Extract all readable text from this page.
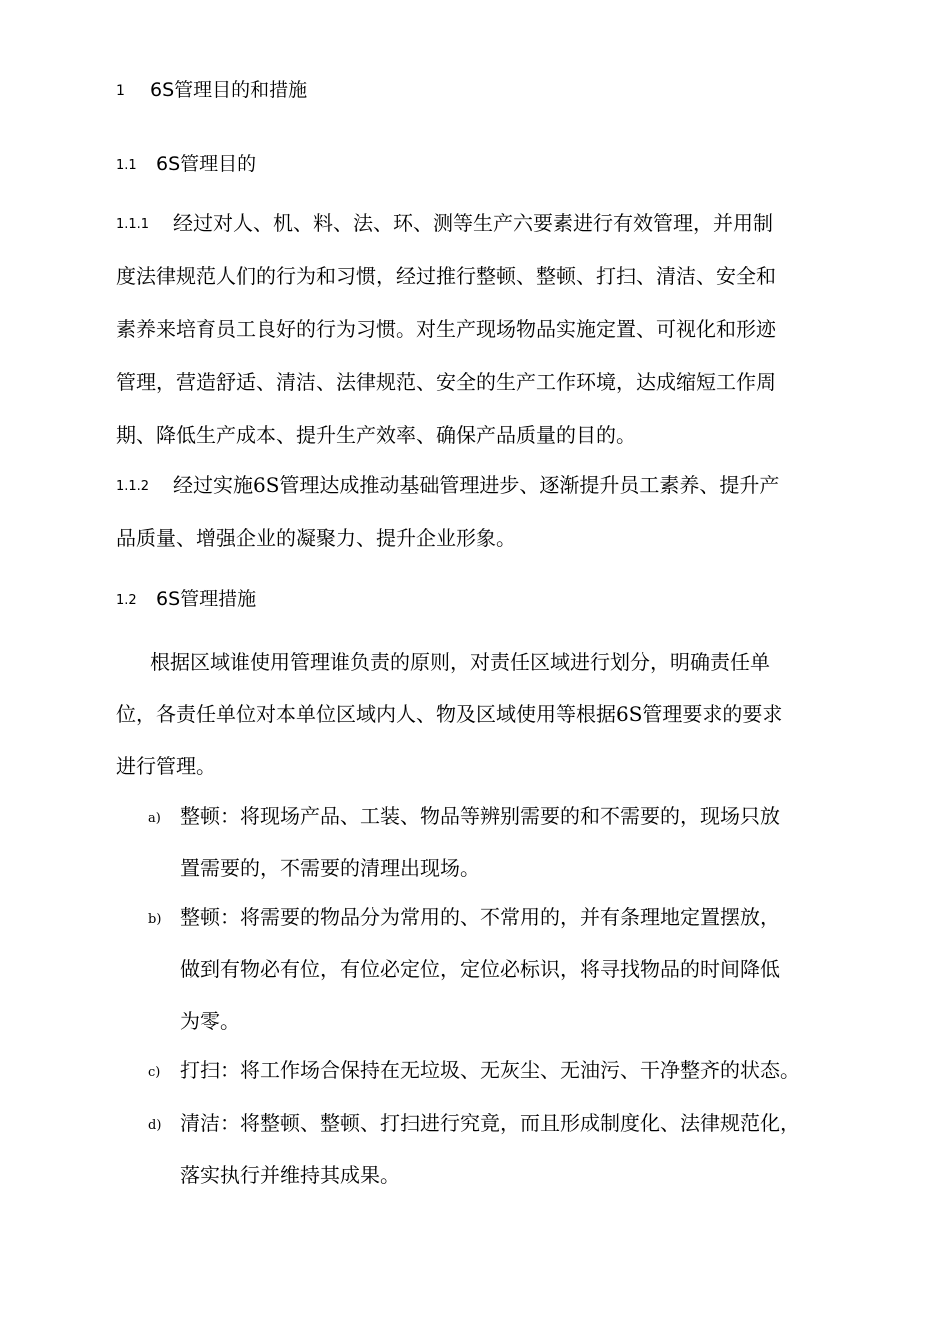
1 6S管理目的和措施
1.1 6S管理目的
1.1.1 经过对人、机、料、法、环、测等生产六要素进行有效管理，并用制
度法律规范人们的行为和习惯，经过推行整顿、整顿、打扫、清洁、安全和
素养来培育员工良好的行为习惯。对生产现场物品实施定置、可视化和形迹
管理，营造舒适、清洁、法律规范、安全的生产工作环境，达成缩短工作周
期、降低生产成本、提升生产效率、确保产品质量的目的。
1.1.2 经过实施6S管理达成推动基础管理进步、逐渐提升员工素养、提升产
品质量、增强企业的凝聚力、提升企业形象。
1.2 6S管理措施
根据区域谁使用管理谁负责的原则，对责任区域进行划分，明确责任单
位，各责任单位对本单位区域内人、物及区域使用等根据6S管理要求的要求
进行管理。
a) 整顿：将现场产品、工装、物品等辨别需要的和不需要的，现场只放
置需要的，不需要的清理出现场。
b) 整顿：将需要的物品分为常用的、不常用的，并有条理地定置摆放，
做到有物必有位，有位必定位，定位必标识，将寻找物品的时间降低
为零。
c) 打扫：将工作场合保持在无垃圾、无灰尘、无油污、干净整齐的状态。
d) 清洁：将整顿、整顿、打扫进行究竟，而且形成制度化、法律规范化，
落实执行并维持其成果。
